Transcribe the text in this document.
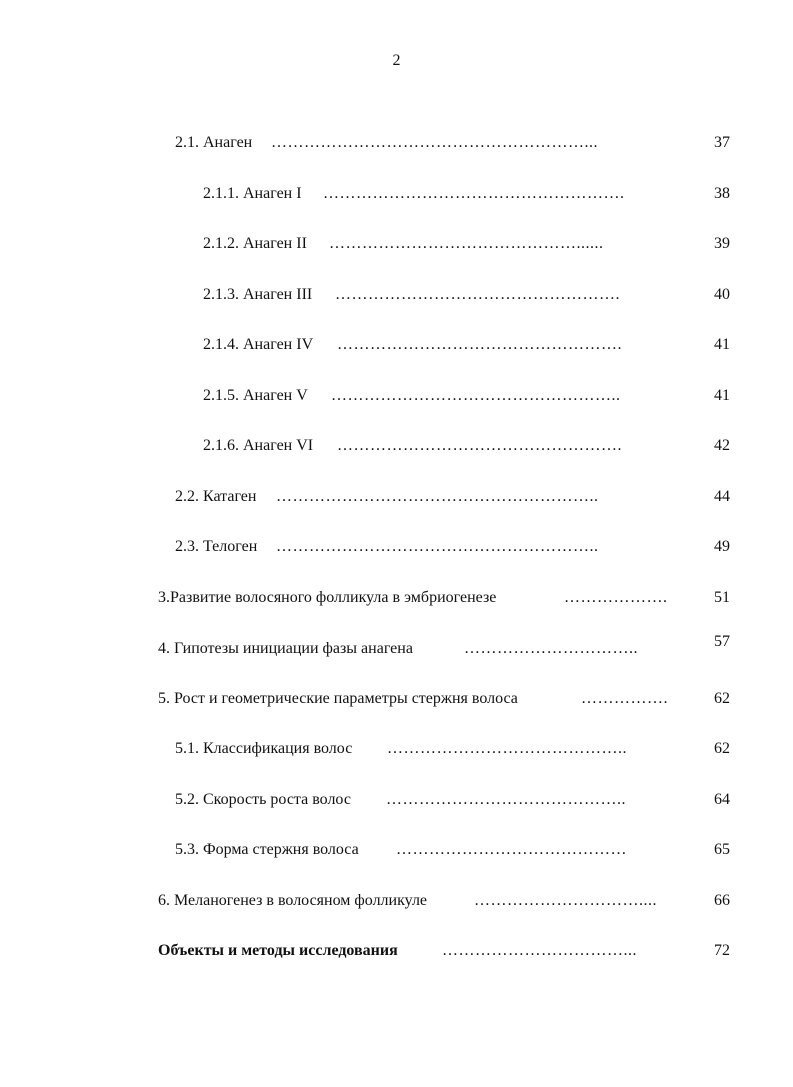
2
2.1. Анаген …………………………………………………...	37
2.1.1. Анаген I ……………………………………………….	38
2.1.2. Анаген II ………………………………………......	39
2.1.3. Анаген III …………………………………………….	40
2.1.4. Анаген IV …………………………………………….	41
2.1.5. Анаген V ……………………………………………..	41
2.1.6. Анаген VI …………………………………………….	42
2.2. Катаген …………………………………………………..	44
2.3. Телоген …………………………………………………..	49
3.Развитие волосяного фолликула в эмбриогенезе	……………….	51
4. Гипотезы инициации фазы анагена	…………………………..	57
5. Рост и геометрические параметры стержня волоса	…………….	62
5.1. Классификация волос ……………………………………..	62
5.2. Скорость роста волос ……………………………………..	64
5.3. Форма стержня волоса ……………………………………	65
6. Меланогенез в волосяном фолликуле	…………………………....	66
Объекты и методы исследования	……………………………...	72
